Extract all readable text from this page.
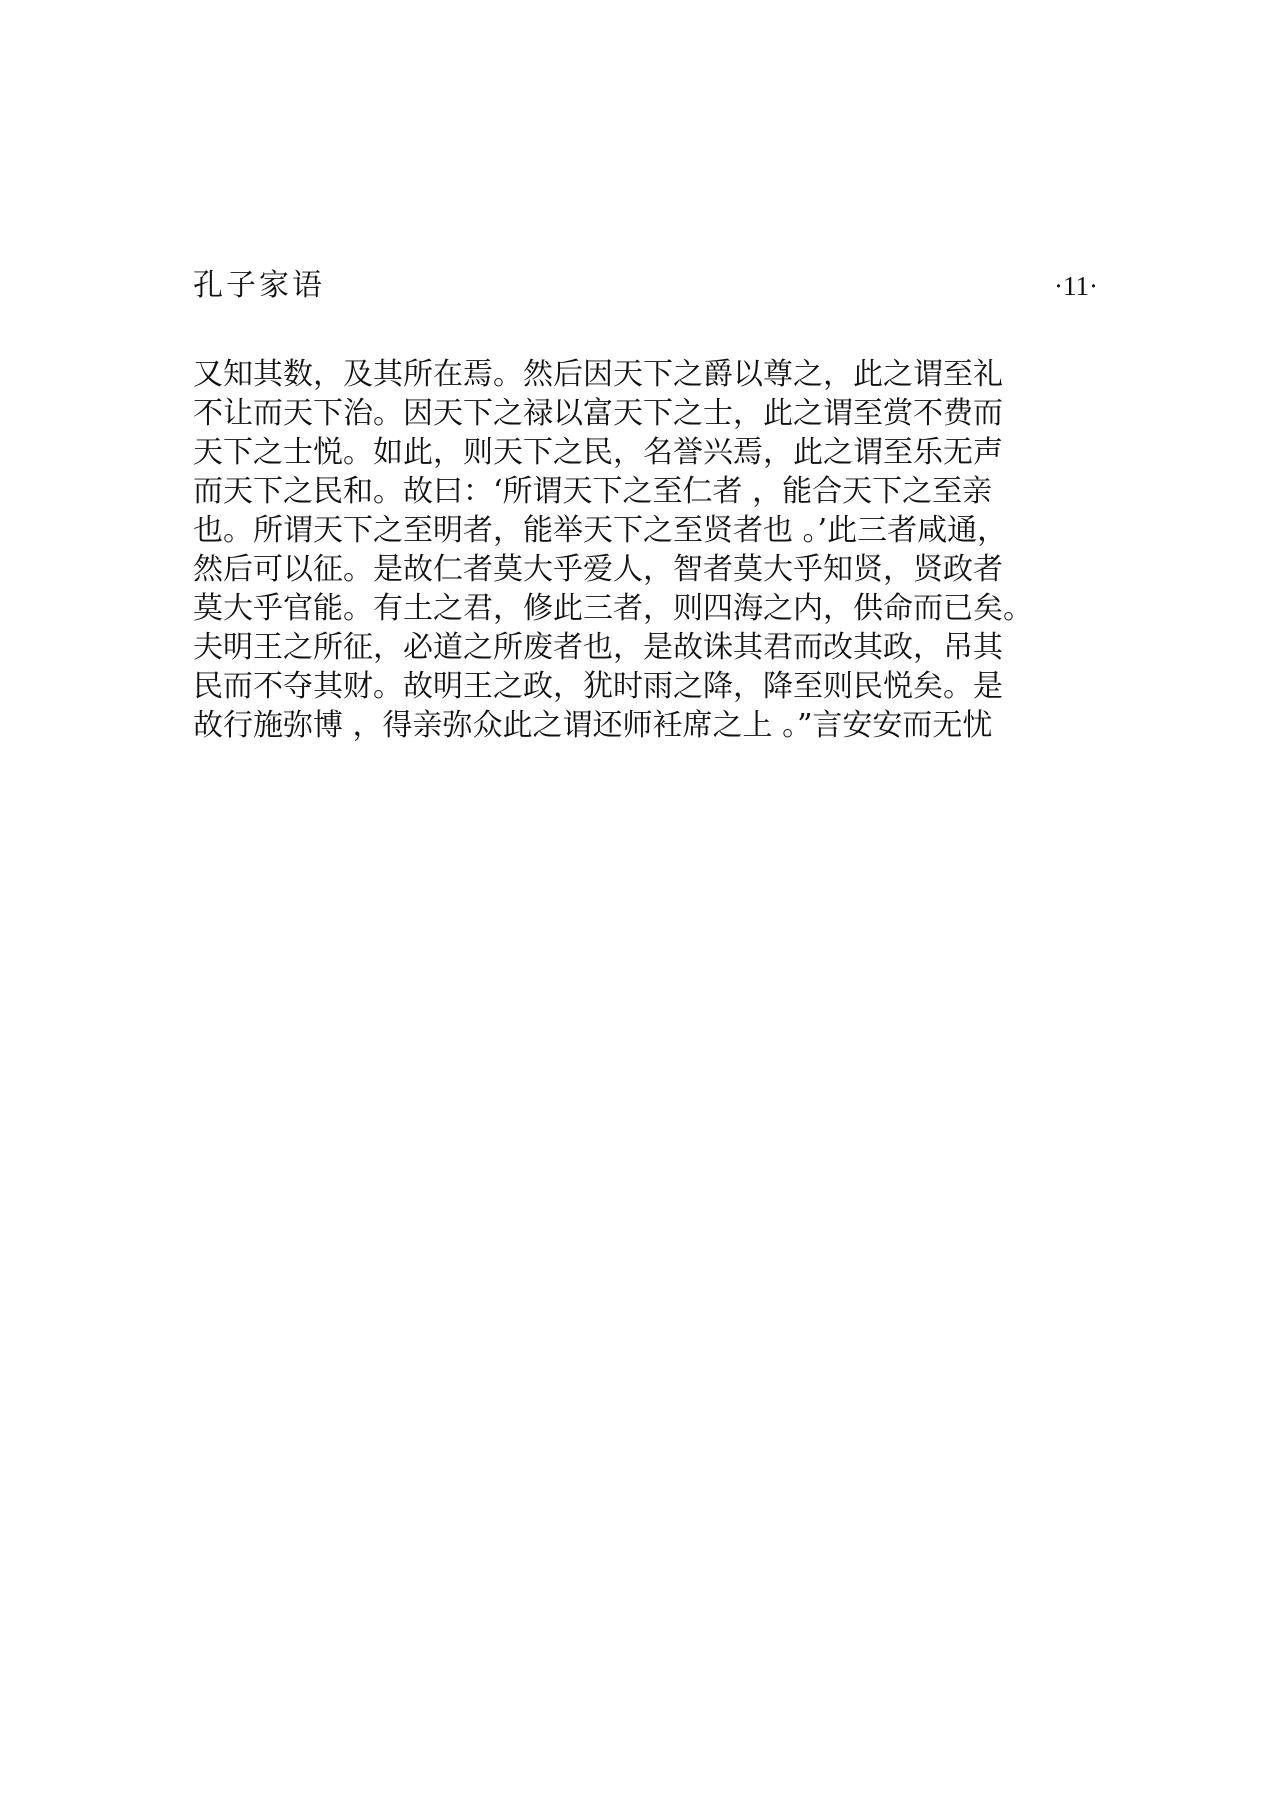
孔子家语	·11·
又知其数，及其所在焉。然后因天下之爵以尊之，此之谓至礼
不让而天下治。因天下之禄以富天下之士，此之谓至赏不费而
天下之士悦。如此，则天下之民，名誉兴焉，此之谓至乐无声
而天下之民和。故曰：‘所谓天下之至仁者 ，能合天下之至亲
也。所谓天下之至明者，能举天下之至贤者也 。’此三者咸通，
然后可以征。是故仁者莫大乎爱人，智者莫大乎知贤，贤政者
莫大乎官能。有土之君，修此三者，则四海之内，供命而已矣。
夫明王之所征，必道之所废者也，是故诛其君而改其政，吊其
民而不夺其财。故明王之政，犹时雨之降，降至则民悦矣。是
故行施弥博 ，得亲弥众此之谓还师衽席之上 。”言安安而无忧
